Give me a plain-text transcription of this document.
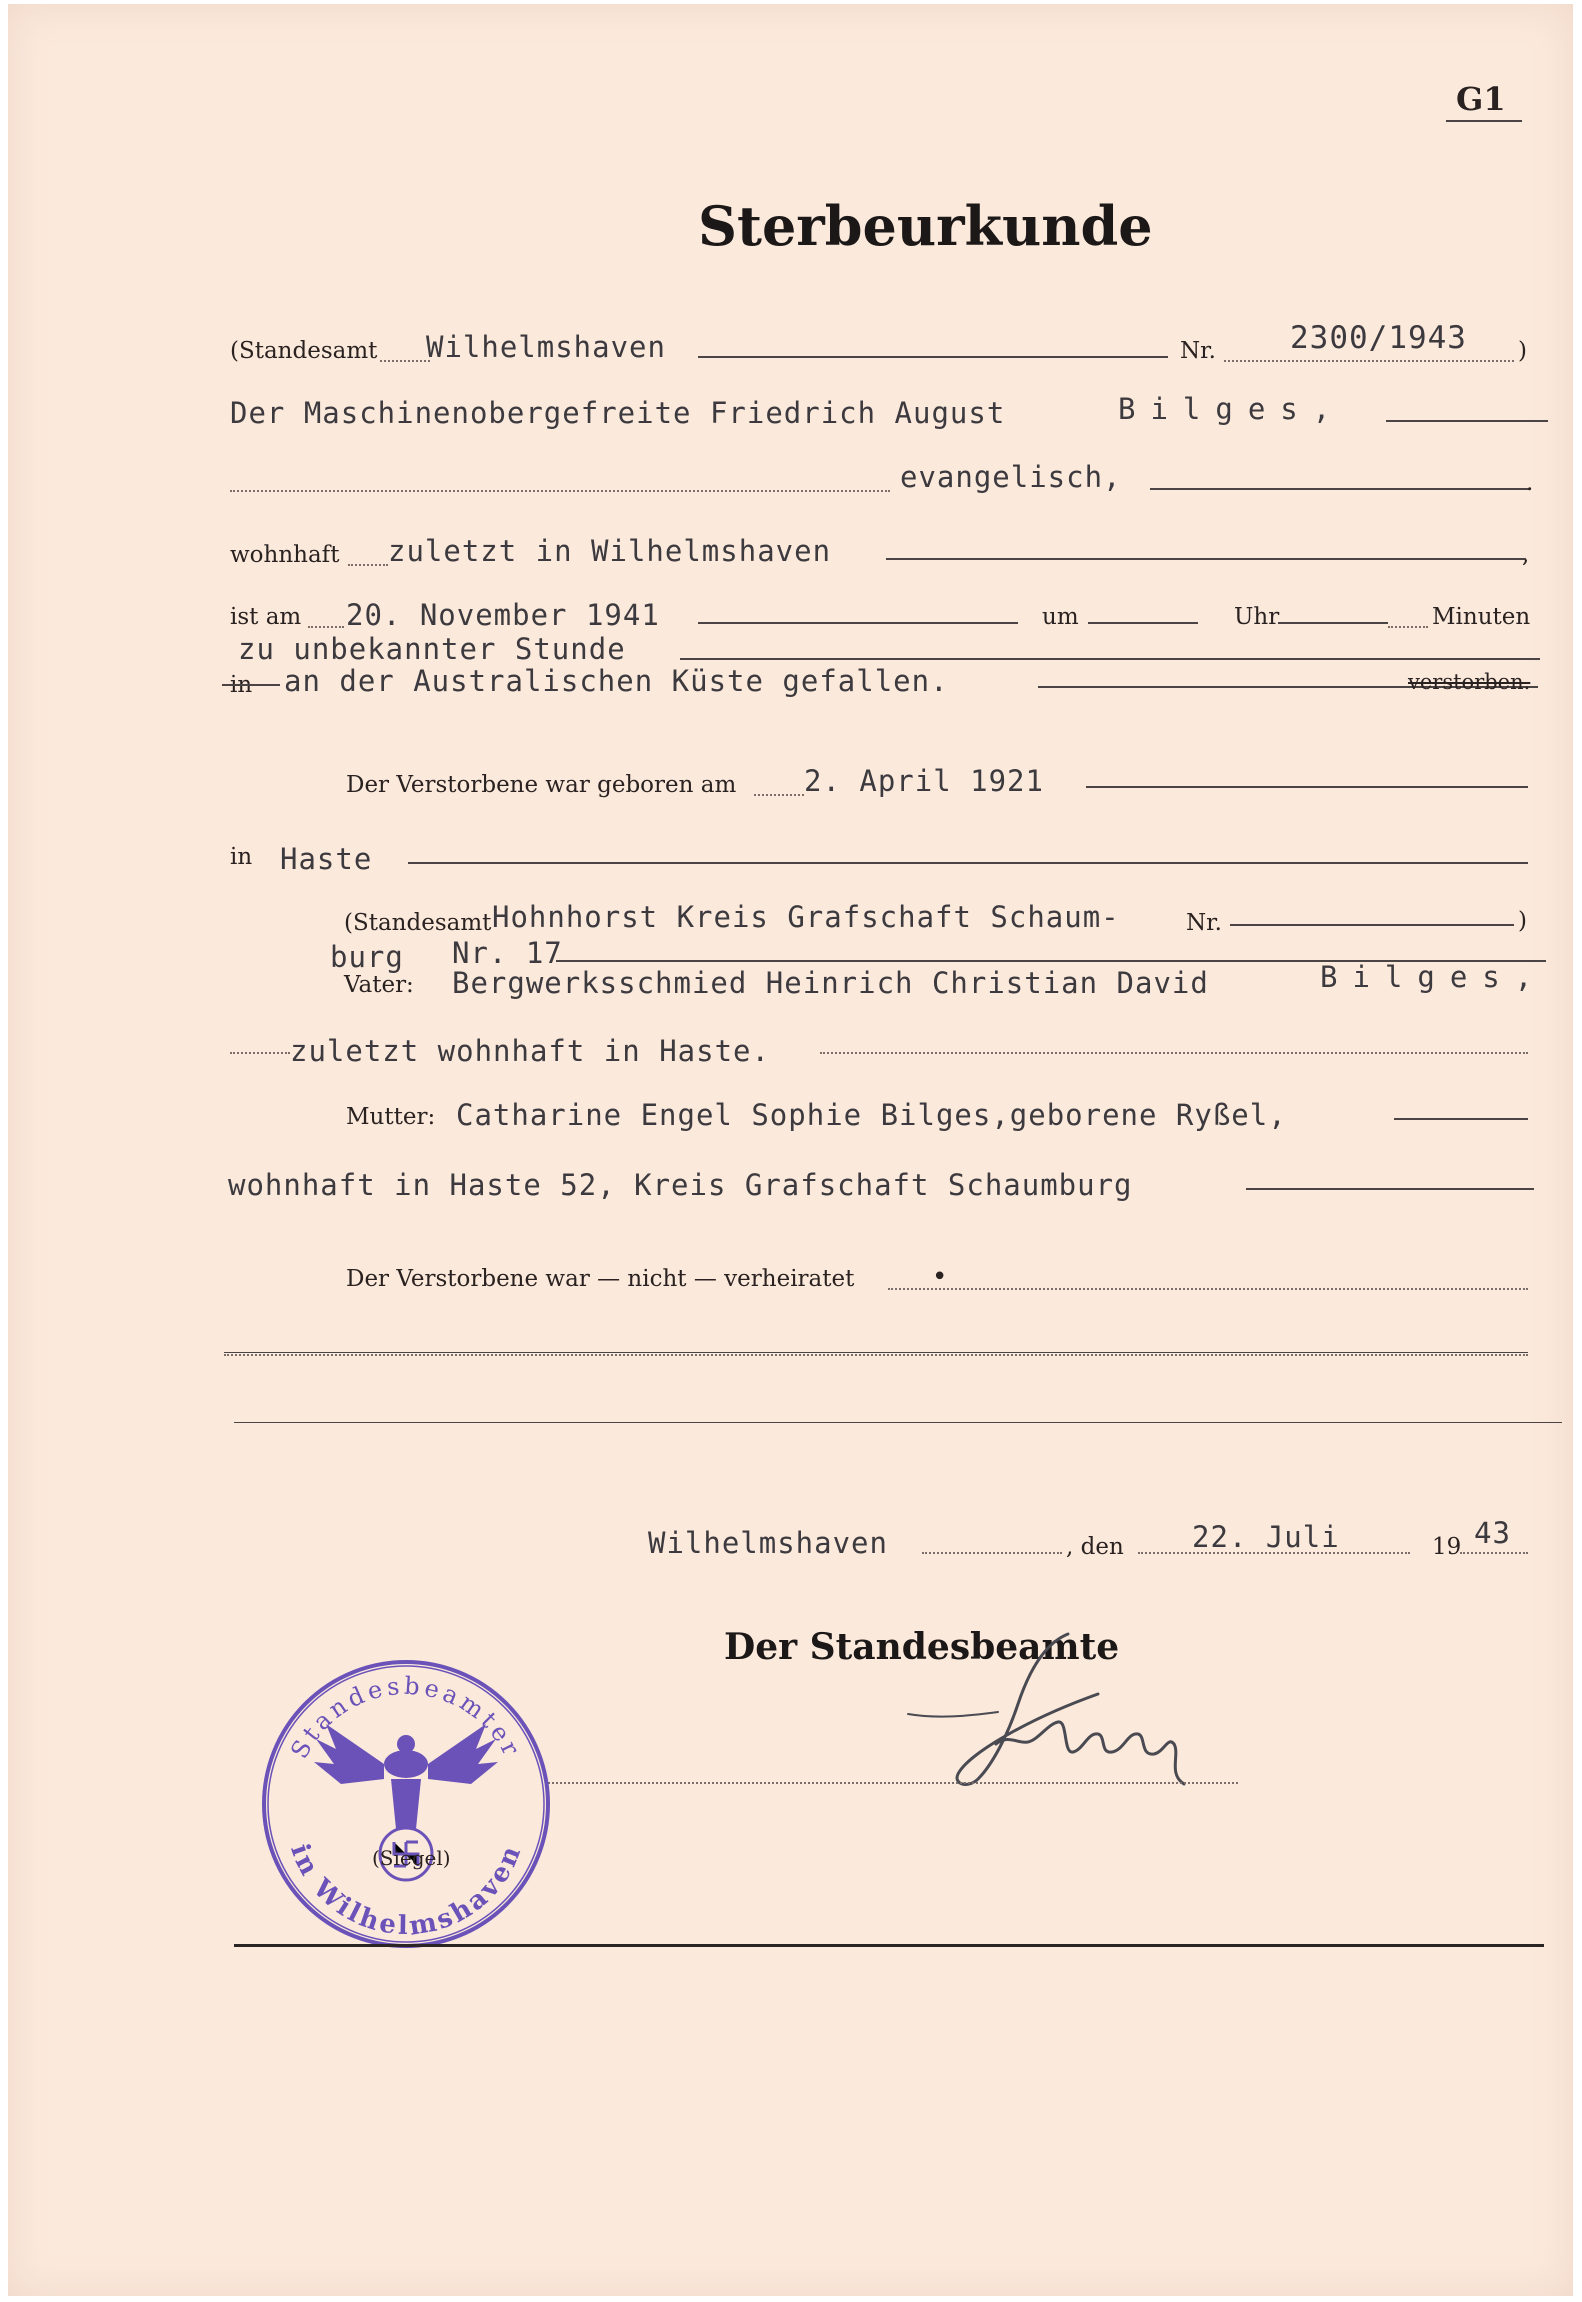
G1
Sterbeurkunde
(Standesamt Wilhelmshaven	Nr. 2300/1943 )
Der Maschinenobergefreite Friedrich August	Bilges,
evangelisch,	.
wohnhaft zuletzt in Wilhelmshaven	,
ist am 20. November 1941	um	Uhr	Minuten
zu unbekannter Stunde
in an der Australischen Küste gefallen.	verstorben.
Der Verstorbene war geboren am 2. April 1921
in Haste
(Standesamt Hohnhorst Kreis Grafschaft Schaum-	Nr.	)
burg Nr. 17
Vater: Bergwerksschmied Heinrich Christian David	Bilges,
zuletzt wohnhaft in Haste.
Mutter: Catharine Engel Sophie Bilges,geborene Ryßel,
wohnhaft in Haste 52, Kreis Grafschaft Schaumburg
Der Verstorbene war — nicht — verheiratet	•
Wilhelmshaven	, den 22. Juli	19 43
Der Standesbeamte
Standesbeamter
in Wilhelmshaven
(Siegel)
